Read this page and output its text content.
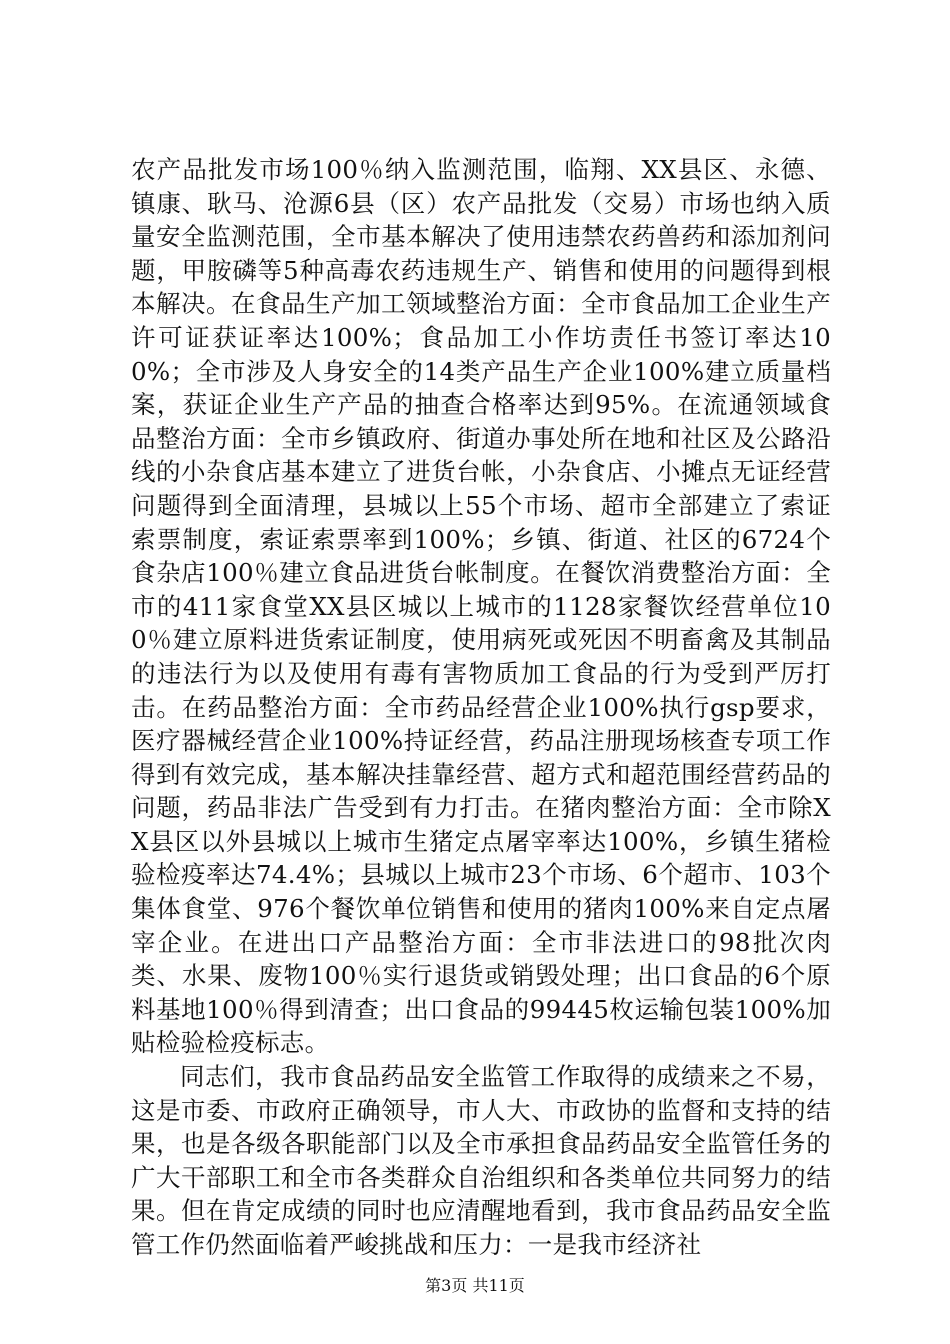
农产品批发市场100％纳入监测范围，临翔、XX县区、永德、镇康、耿马、沧源6县（区）农产品批发（交易）市场也纳入质量安全监测范围，全市基本解决了使用违禁农药兽药和添加剂问题，甲胺磷等5种高毒农药违规生产、销售和使用的问题得到根本解决。在食品生产加工领域整治方面：全市食品加工企业生产许可证获证率达100%；食品加工小作坊责任书签订率达100%；全市涉及人身安全的14类产品生产企业100%建立质量档案，获证企业生产产品的抽查合格率达到95%。在流通领域食品整治方面：全市乡镇政府、街道办事处所在地和社区及公路沿线的小杂食店基本建立了进货台帐，小杂食店、小摊点无证经营问题得到全面清理，县城以上55个市场、超市全部建立了索证索票制度，索证索票率到100%；乡镇、街道、社区的6724个食杂店100％建立食品进货台帐制度。在餐饮消费整治方面：全市的411家食堂XX县区城以上城市的1128家餐饮经营单位100％建立原料进货索证制度，使用病死或死因不明畜禽及其制品的违法行为以及使用有毒有害物质加工食品的行为受到严厉打击。在药品整治方面：全市药品经营企业100%执行gsp要求，医疗器械经营企业100%持证经营，药品注册现场核查专项工作得到有效完成，基本解决挂靠经营、超方式和超范围经营药品的问题，药品非法广告受到有力打击。在猪肉整治方面：全市除XX县区以外县城以上城市生猪定点屠宰率达100%，乡镇生猪检验检疫率达74.4%；县城以上城市23个市场、6个超市、103个集体食堂、976个餐饮单位销售和使用的猪肉100%来自定点屠宰企业。在进出口产品整治方面：全市非法进口的98批次肉类、水果、废物100％实行退货或销毁处理；出口食品的6个原料基地100％得到清查；出口食品的99445枚运输包装100%加贴检验检疫标志。

同志们，我市食品药品安全监管工作取得的成绩来之不易，这是市委、市政府正确领导，市人大、市政协的监督和支持的结果，也是各级各职能部门以及全市承担食品药品安全监管任务的广大干部职工和全市各类群众自治组织和各类单位共同努力的结果。但在肯定成绩的同时也应清醒地看到，我市食品药品安全监管工作仍然面临着严峻挑战和压力：一是我市经济社

第3页 共11页
